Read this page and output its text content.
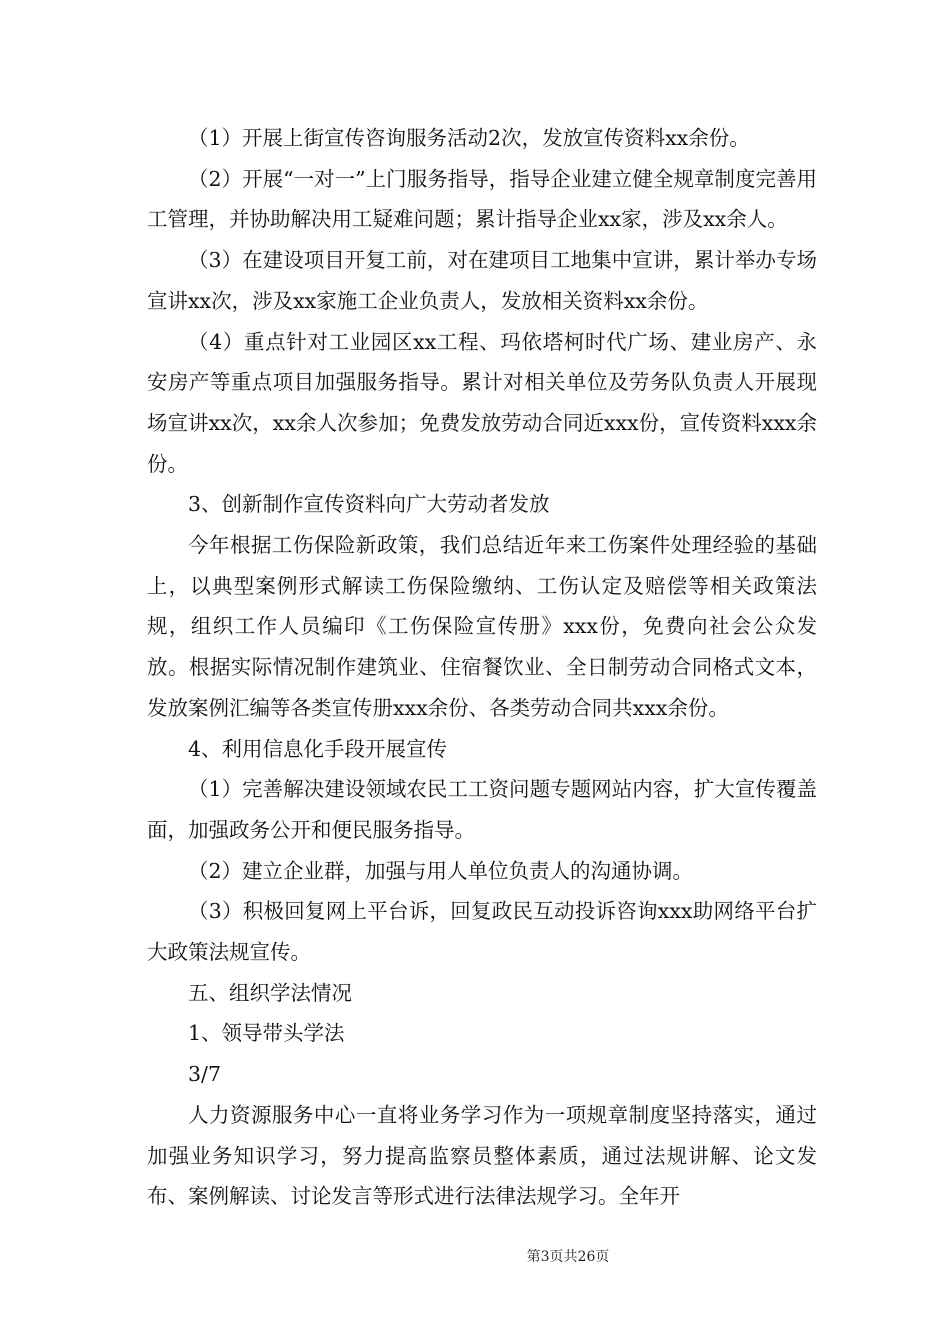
（1）开展上街宣传咨询服务活动2次，发放宣传资料xx余份。

（2）开展“一对一”上门服务指导，指导企业建立健全规章制度完善用工管理，并协助解决用工疑难问题；累计指导企业xx家，涉及xx余人。

（3）在建设项目开复工前，对在建项目工地集中宣讲，累计举办专场宣讲xx次，涉及xx家施工企业负责人，发放相关资料xx余份。

（4）重点针对工业园区xx工程、玛依塔柯时代广场、建业房产、永安房产等重点项目加强服务指导。累计对相关单位及劳务队负责人开展现场宣讲xx次，xx余人次参加；免费发放劳动合同近xxx份，宣传资料xxx余份。

3、创新制作宣传资料向广大劳动者发放

今年根据工伤保险新政策，我们总结近年来工伤案件处理经验的基础上，以典型案例形式解读工伤保险缴纳、工伤认定及赔偿等相关政策法规，组织工作人员编印《工伤保险宣传册》xxx份，免费向社会公众发放。根据实际情况制作建筑业、住宿餐饮业、全日制劳动合同格式文本，发放案例汇编等各类宣传册xxx余份、各类劳动合同共xxx余份。

4、利用信息化手段开展宣传

（1）完善解决建设领域农民工工资问题专题网站内容，扩大宣传覆盖面，加强政务公开和便民服务指导。

（2）建立企业群，加强与用人单位负责人的沟通协调。

（3）积极回复网上平台诉，回复政民互动投诉咨询xxx助网络平台扩大政策法规宣传。

五、组织学法情况

1、领导带头学法

3/7

人力资源服务中心一直将业务学习作为一项规章制度坚持落实，通过加强业务知识学习，努力提高监察员整体素质，通过法规讲解、论文发布、案例解读、讨论发言等形式进行法律法规学习。全年开

第3页共26页
